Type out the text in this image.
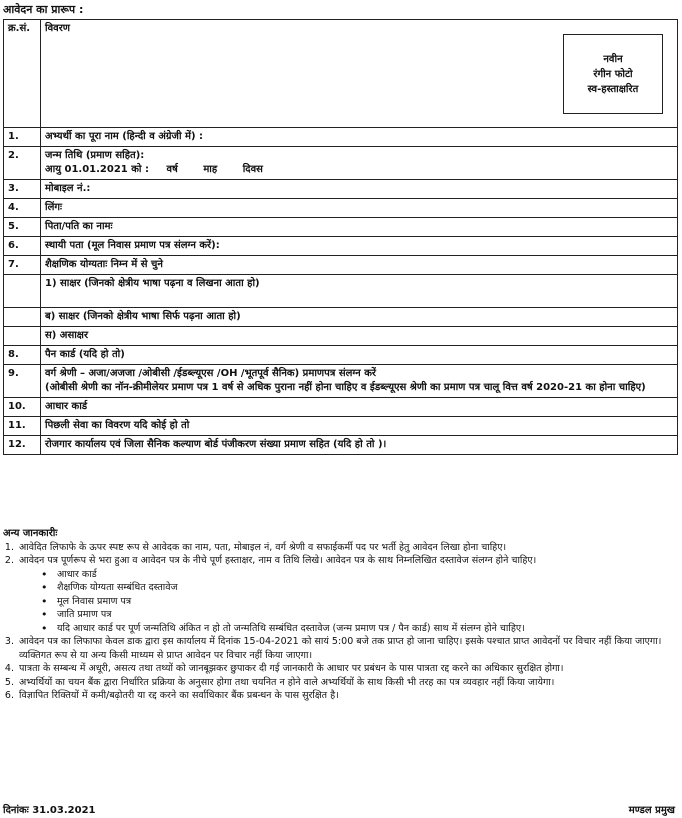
आवेदन का प्रारूप :
क्र.सं.	विवरण
नवीन
रंगीन फोटो
स्व-हस्ताक्षरित

1.	अभ्यर्थी का पूरा नाम (हिन्दी व अंग्रेजी में) :
2.	जन्म तिथि (प्रमाण सहित):
आयु 01.01.2021 को : वर्ष माह दिवस

3.	मोबाइल नं.:
4.	लिंगः
5.	पिता/पति का नामः
6.	स्थायी पता (मूल निवास प्रमाण पत्र संलग्न करें):
7.	शैक्षणिक योग्यताः निम्न में से चुने
	1) साक्षर (जिनको क्षेत्रीय भाषा पढ़ना व लिखना आता हो)
	ब) साक्षर (जिनको क्षेत्रीय भाषा सिर्फ पढ़ना आता हो)
	स) असाक्षर
8.	पैन कार्ड (यदि हो तो)
9.	वर्ग श्रेणी – अजा/अजजा /ओबीसी /ईडब्ल्यूएस /OH /भूतपूर्व सैनिक) प्रमाणपत्र संलग्न करें
(ओबीसी श्रेणी का नॉन-क्रीमीलेयर प्रमाण पत्र 1 वर्ष से अधिक पुराना नहीं होना चाहिए व ईडब्ल्यूएस श्रेणी का प्रमाण पत्र चालू वित्त वर्ष 2020-21 का होना चाहिए)

10.	आधार कार्ड
11.	पिछली सेवा का विवरण यदि कोई हो तो
12.	रोजगार कार्यालय एवं जिला सैनिक कल्याण बोर्ड पंजीकरण संख्या प्रमाण सहित (यदि हो तो )।
अन्य जानकारीः
1. आवेदित लिफाफे के ऊपर स्पष्ट रूप से आवेदक का नाम, पता, मोबाइल नं, वर्ग श्रेणी व सफाईकर्मी पद पर भर्ती हेतु आवेदन लिखा होना चाहिए।
2. आवेदन पत्र पूर्णरूप से भरा हुआ व आवेदन पत्र के नीचे पूर्ण हस्ताक्षर, नाम व तिथि लिखे। आवेदन पत्र के साथ निम्नलिखित दस्तावेज संलग्न होने चाहिए।
• आधार कार्ड
• शैक्षणिक योग्यता सम्बंधित दस्तावेज
• मूल निवास प्रमाण पत्र
• जाति प्रमाण पत्र
• यदि आधार कार्ड पर पूर्ण जन्मतिथि अंकित न हो तो जन्मतिथि सम्बंधित दस्तावेज (जन्म प्रमाण पत्र / पैन कार्ड) साथ में संलग्न होने चाहिए।
3. आवेदन पत्र का लिफाफा केवल डाक द्वारा इस कार्यालय में दिनांक 15-04-2021 को सायं 5:00 बजे तक प्राप्त हो जाना चाहिए। इसके पश्चात प्राप्त आवेदनों पर विचार नहीं किया जाएगा। व्यक्तिगत रूप से या अन्य किसी माध्यम से प्राप्त आवेदन पर विचार नहीं किया जाएगा।
4. पात्रता के सम्बन्ध में अधूरी, असत्य तथा तथ्यों को जानबूझकर छुपाकर दी गई जानकारी के आधार पर प्रबंधन के पास पात्रता रद्द करने का अधिकार सुरक्षित होगा।
5. अभ्यर्थियों का चयन बैंक द्वारा निर्धारित प्रक्रिया के अनुसार होगा तथा चयनित न होने वाले अभ्यर्थियों के साथ किसी भी तरह का पत्र व्यवहार नहीं किया जायेगा।
6. विज्ञापित रिक्तियों में कमी/बढ़ोतरी या रद्द करने का सर्वाधिकार बैंक प्रबन्धन के पास सुरक्षित है।
दिनांकः 31.03.2021	मण्डल प्रमुख
